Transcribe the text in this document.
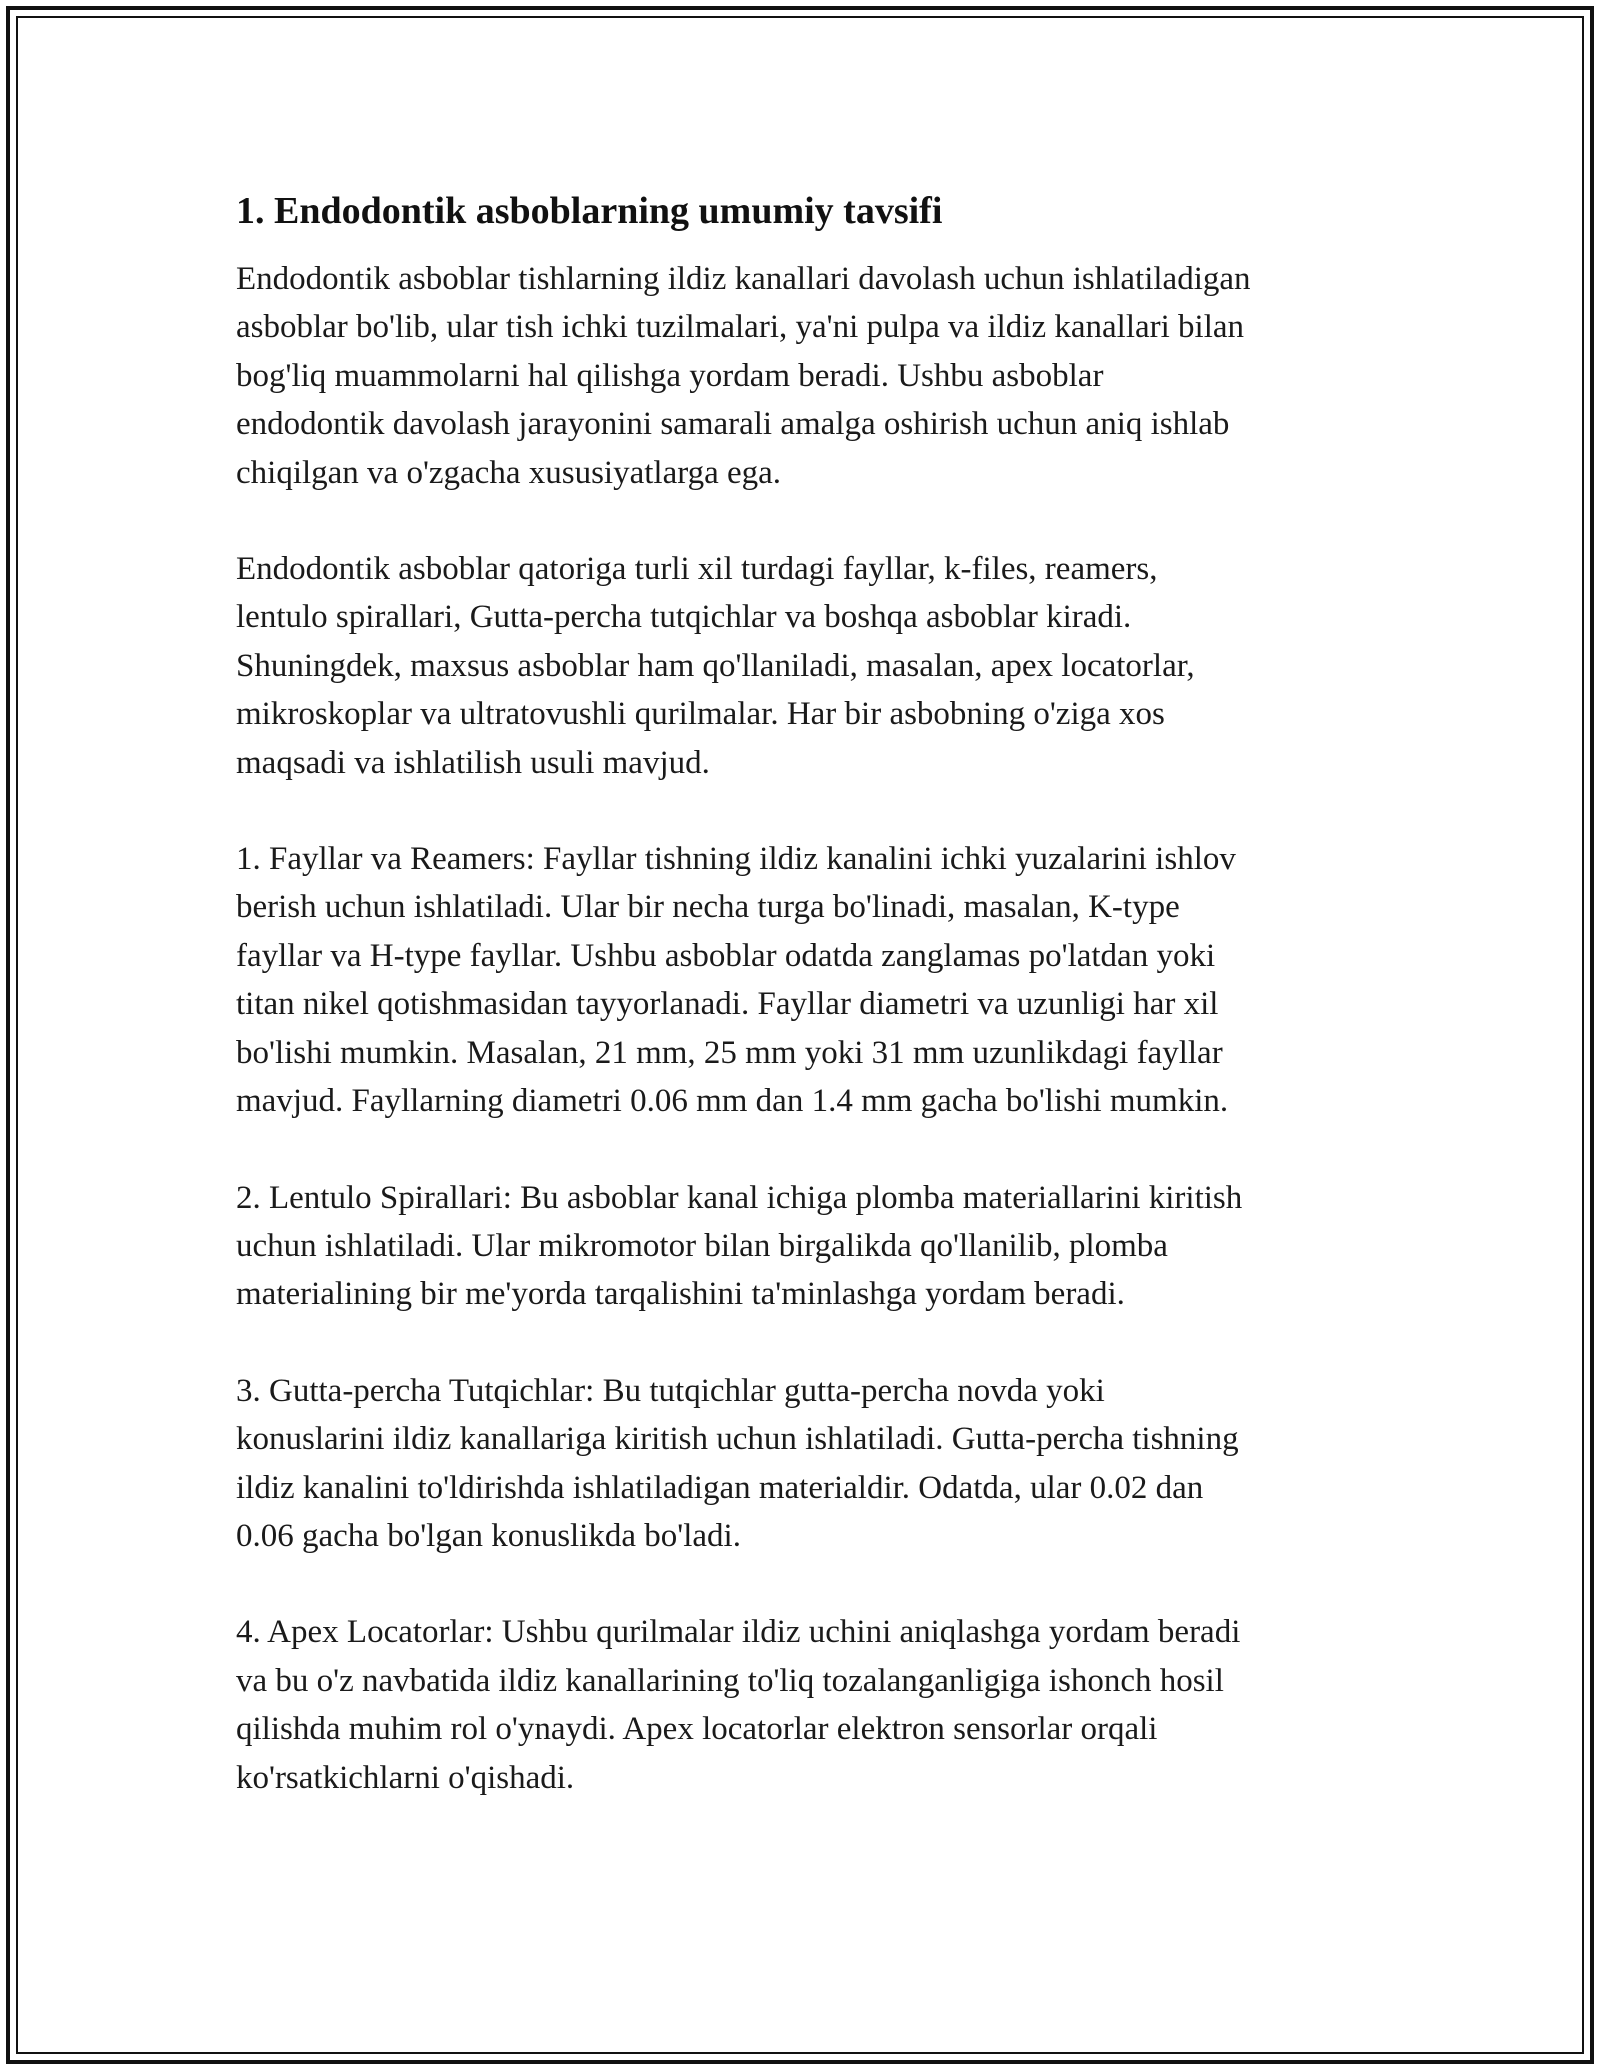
1. Endodontik asboblarning umumiy tavsifi

Endodontik asboblar tishlarning ildiz kanallari davolash uchun ishlatiladigan
asboblar bo'lib, ular tish ichki tuzilmalari, ya'ni pulpa va ildiz kanallari bilan
bog'liq muammolarni hal qilishga yordam beradi. Ushbu asboblar
endodontik davolash jarayonini samarali amalga oshirish uchun aniq ishlab
chiqilgan va o'zgacha xususiyatlarga ega.

Endodontik asboblar qatoriga turli xil turdagi fayllar, k-files, reamers,
lentulo spirallari, Gutta-percha tutqichlar va boshqa asboblar kiradi.
Shuningdek, maxsus asboblar ham qo'llaniladi, masalan, apex locatorlar,
mikroskoplar va ultratovushli qurilmalar. Har bir asbobning o'ziga xos
maqsadi va ishlatilish usuli mavjud.

1. Fayllar va Reamers: Fayllar tishning ildiz kanalini ichki yuzalarini ishlov
berish uchun ishlatiladi. Ular bir necha turga bo'linadi, masalan, K-type
fayllar va H-type fayllar. Ushbu asboblar odatda zanglamas po'latdan yoki
titan nikel qotishmasidan tayyorlanadi. Fayllar diametri va uzunligi har xil
bo'lishi mumkin. Masalan, 21 mm, 25 mm yoki 31 mm uzunlikdagi fayllar
mavjud. Fayllarning diametri 0.06 mm dan 1.4 mm gacha bo'lishi mumkin.

2. Lentulo Spirallari: Bu asboblar kanal ichiga plomba materiallarini kiritish
uchun ishlatiladi. Ular mikromotor bilan birgalikda qo'llanilib, plomba
materialining bir me'yorda tarqalishini ta'minlashga yordam beradi.

3. Gutta-percha Tutqichlar: Bu tutqichlar gutta-percha novda yoki
konuslarini ildiz kanallariga kiritish uchun ishlatiladi. Gutta-percha tishning
ildiz kanalini to'ldirishda ishlatiladigan materialdir. Odatda, ular 0.02 dan
0.06 gacha bo'lgan konuslikda bo'ladi.

4. Apex Locatorlar: Ushbu qurilmalar ildiz uchini aniqlashga yordam beradi
va bu o'z navbatida ildiz kanallarining to'liq tozalanganligiga ishonch hosil
qilishda muhim rol o'ynaydi. Apex locatorlar elektron sensorlar orqali
ko'rsatkichlarni o'qishadi.
